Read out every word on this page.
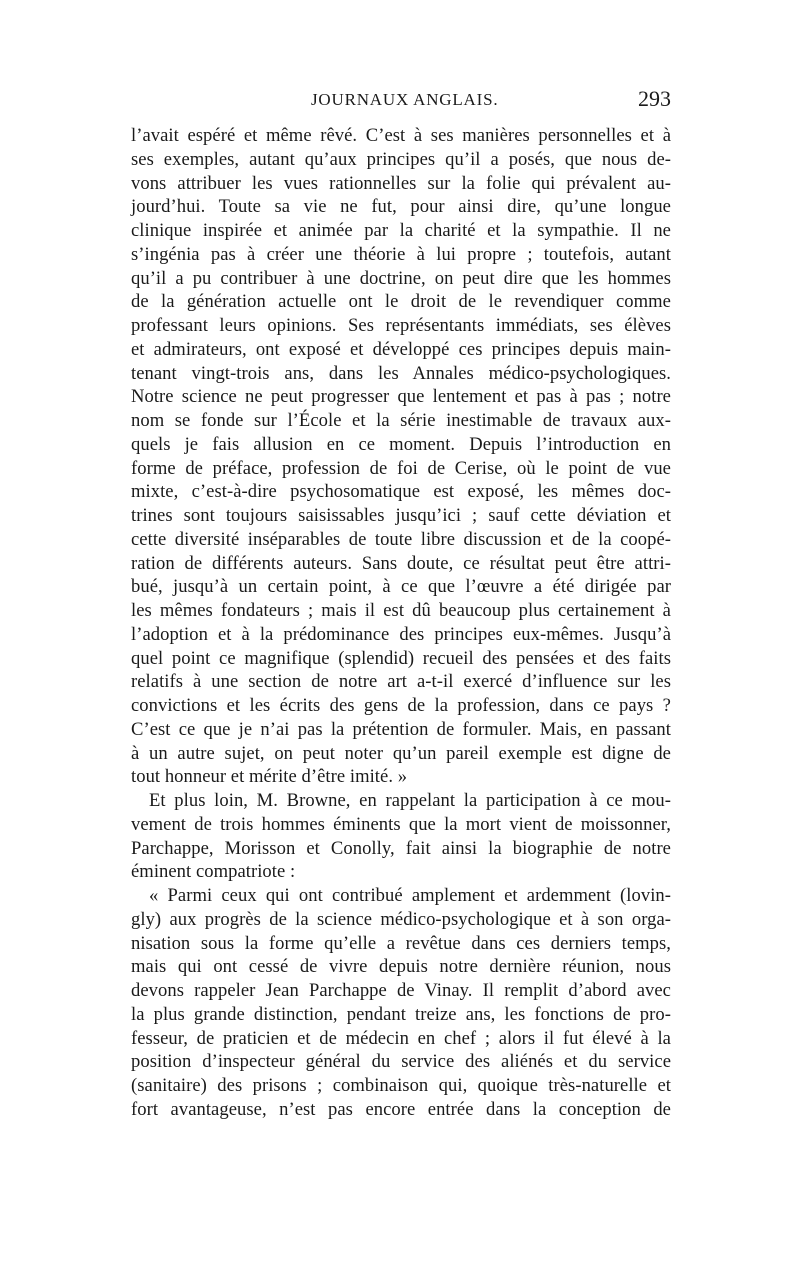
JOURNAUX ANGLAIS.	293
l’avait espéré et même rêvé. C’est à ses manières personnelles et à
ses exemples, autant qu’aux principes qu’il a posés, que nous de-
vons attribuer les vues rationnelles sur la folie qui prévalent au-
jourd’hui. Toute sa vie ne fut, pour ainsi dire, qu’une longue
clinique inspirée et animée par la charité et la sympathie. Il ne
s’ingénia pas à créer une théorie à lui propre ; toutefois, autant
qu’il a pu contribuer à une doctrine, on peut dire que les hommes
de la génération actuelle ont le droit de le revendiquer comme
professant leurs opinions. Ses représentants immédiats, ses élèves
et admirateurs, ont exposé et développé ces principes depuis main-
tenant vingt-trois ans, dans les Annales médico-psychologiques.
Notre science ne peut progresser que lentement et pas à pas ; notre
nom se fonde sur l’École et la série inestimable de travaux aux-
quels je fais allusion en ce moment. Depuis l’introduction en
forme de préface, profession de foi de Cerise, où le point de vue
mixte, c’est-à-dire psychosomatique est exposé, les mêmes doc-
trines sont toujours saisissables jusqu’ici ; sauf cette déviation et
cette diversité inséparables de toute libre discussion et de la coopé-
ration de différents auteurs. Sans doute, ce résultat peut être attri-
bué, jusqu’à un certain point, à ce que l’œuvre a été dirigée par
les mêmes fondateurs ; mais il est dû beaucoup plus certainement à
l’adoption et à la prédominance des principes eux-mêmes. Jusqu’à
quel point ce magnifique (splendid) recueil des pensées et des faits
relatifs à une section de notre art a-t-il exercé d’influence sur les
convictions et les écrits des gens de la profession, dans ce pays ?
C’est ce que je n’ai pas la prétention de formuler. Mais, en passant
à un autre sujet, on peut noter qu’un pareil exemple est digne de
tout honneur et mérite d’être imité. »
Et plus loin, M. Browne, en rappelant la participation à ce mou-
vement de trois hommes éminents que la mort vient de moissonner,
Parchappe, Morisson et Conolly, fait ainsi la biographie de notre
éminent compatriote :
« Parmi ceux qui ont contribué amplement et ardemment (lovin-
gly) aux progrès de la science médico-psychologique et à son orga-
nisation sous la forme qu’elle a revêtue dans ces derniers temps,
mais qui ont cessé de vivre depuis notre dernière réunion, nous
devons rappeler Jean Parchappe de Vinay. Il remplit d’abord avec
la plus grande distinction, pendant treize ans, les fonctions de pro-
fesseur, de praticien et de médecin en chef ; alors il fut élevé à la
position d’inspecteur général du service des aliénés et du service
(sanitaire) des prisons ; combinaison qui, quoique très-naturelle et
fort avantageuse, n’est pas encore entrée dans la conception de
